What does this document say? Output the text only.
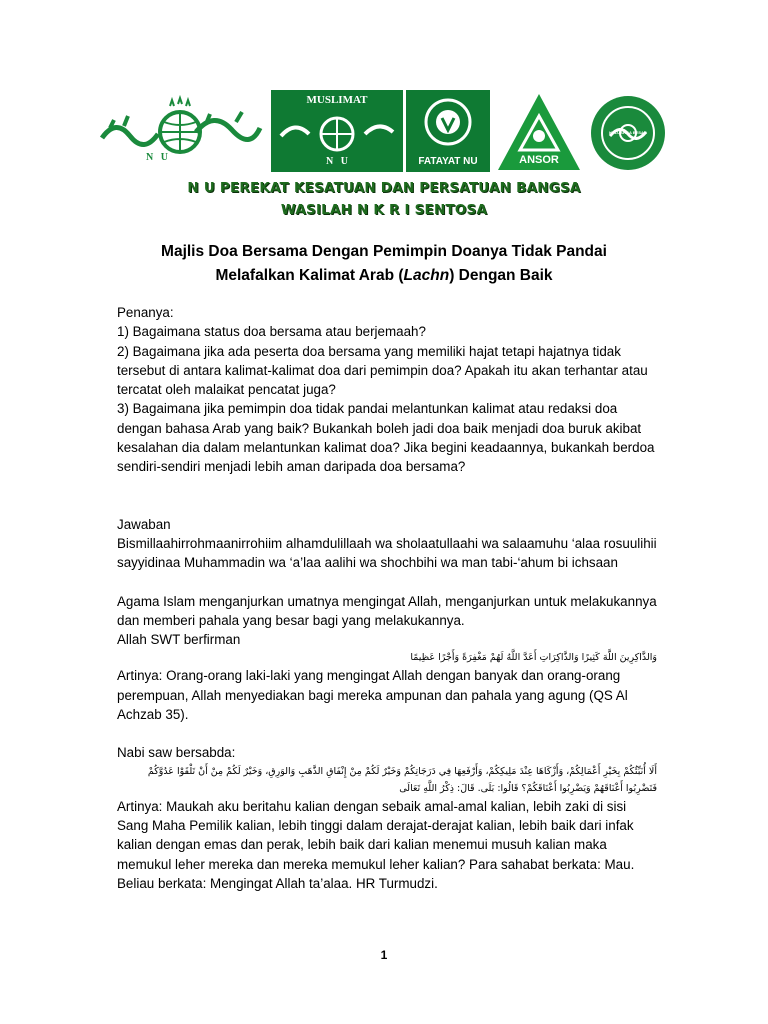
N   U
MUSLIMAT
N   U	FATAYAT NU	ANSOR
KELUARGA BESAR NAHDLATUL ULAMA
N U PEREKAT KESATUAN DAN PERSATUAN BANGSA
WASILAH N K R I SENTOSA
Majlis Doa Bersama Dengan Pemimpin Doanya Tidak Pandai
Melafalkan Kalimat Arab (Lachn) Dengan Baik

Penanya:

1) Bagaimana status doa bersama atau berjemaah?

2) Bagaimana jika ada peserta doa bersama yang memiliki hajat tetapi hajatnya tidak tersebut di antara kalimat-kalimat doa dari pemimpin doa? Apakah itu akan terhantar atau tercatat oleh malaikat pencatat juga?

3) Bagaimana jika pemimpin doa tidak pandai melantunkan kalimat atau redaksi doa dengan bahasa Arab yang baik? Bukankah boleh jadi doa baik menjadi doa buruk akibat kesalahan dia dalam melantunkan kalimat doa? Jika begini keadaannya, bukankah berdoa sendiri-sendiri menjadi lebih aman daripada doa bersama?

Jawaban

Bismillaahirrohmaanirrohiim alhamdulillaah wa sholaatullaahi wa salaamuhu ‘alaa rosuulihii sayyidinaa Muhammadin wa ‘a’laa aalihi wa shochbihi wa man tabi-‘ahum bi ichsaan

Agama Islam menganjurkan umatnya mengingat Allah, menganjurkan untuk melakukannya dan memberi pahala yang besar bagi yang melakukannya.

Allah SWT berfirman

وَالذَّاكِرِينَ اللَّهَ كَثِيرًا وَالذَّاكِرَاتِ أَعَدَّ اللَّهُ لَهُمْ مَغْفِرَةً وَأَجْرًا عَظِيمًا

Artinya: Orang-orang laki-laki yang mengingat Allah dengan banyak dan orang-orang perempuan, Allah menyediakan bagi mereka ampunan dan pahala yang agung (QS Al Achzab 35).

Nabi saw bersabda:

أَلَا أُنَبِّئُكُمْ بِخَيْرِ أَعْمَالِكُمْ، وَأَزْكَاهَا عِنْدَ مَلِيكِكُمْ، وَأَرْفَعِهَا فِي دَرَجَاتِكُمْ وَخَيْرٌ لَكُمْ مِنْ إِنْفَاقِ الذَّهَبِ وَالوَرِقِ، وَخَيْرٌ لَكُمْ مِنْ أَنْ تَلْقَوْا عَدُوَّكُمْ فَتَضْرِبُوا أَعْنَاقَهُمْ وَيَضْرِبُوا أَعْنَاقَكُمْ؟ قَالُوا: بَلَى. قَالَ: ذِكْرُ اللَّهِ تَعَالَى

Artinya: Maukah aku beritahu kalian dengan sebaik amal-amal kalian, lebih zaki di sisi Sang Maha Pemilik kalian, lebih tinggi dalam derajat-derajat kalian, lebih baik dari infak kalian dengan emas dan perak, lebih baik dari kalian menemui musuh kalian maka memukul leher mereka dan mereka memukul leher kalian? Para sahabat berkata: Mau. Beliau berkata: Mengingat Allah ta’alaa. HR Turmudzi.

1
